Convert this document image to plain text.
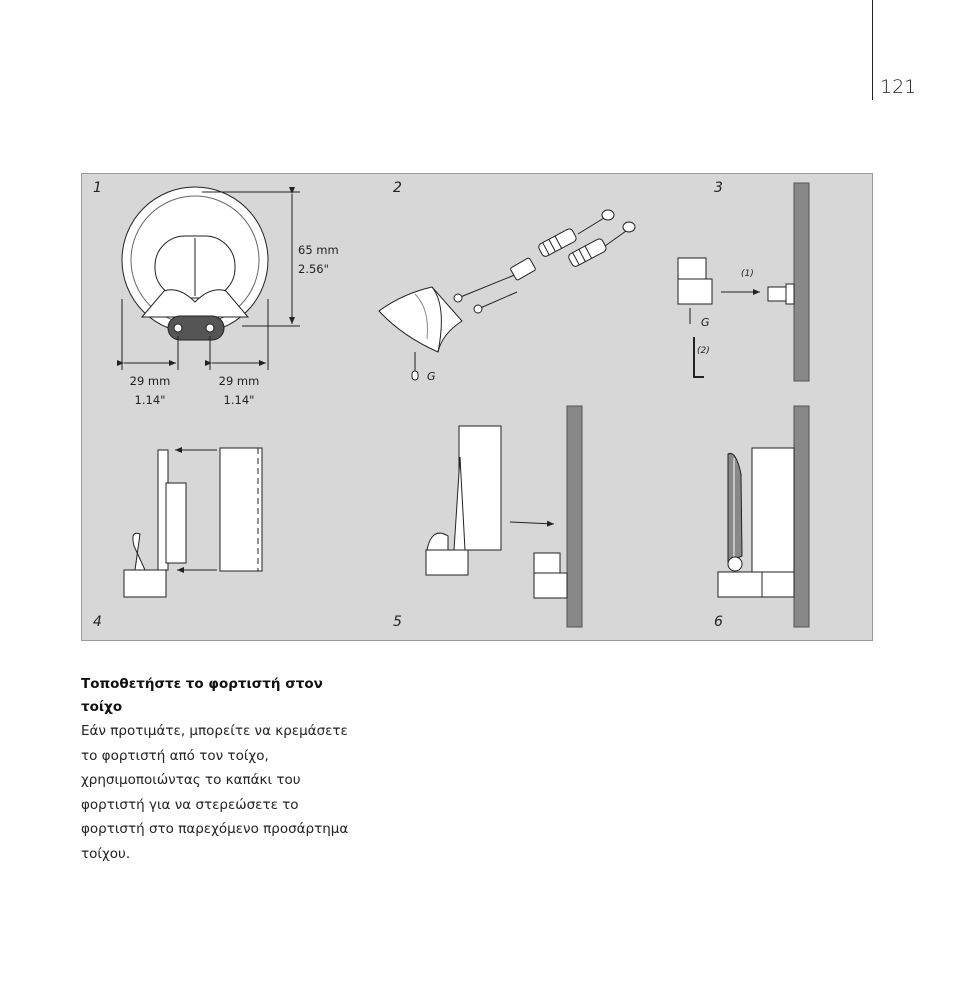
121
1	2	3
4	5	6
65 mm
2.56"
29 mm
1.14"
29 mm
1.14"
G
G
(1)
(2)
Τοποθετήστε το φορτιστή στον τοίχο
Εάν προτιμάτε, μπορείτε να κρεμάσετε το φορτιστή από τον τοίχο, χρησιμοποιώντας το καπάκι του φορτιστή για να στερεώσετε το φορτιστή στο παρεχόμενο προσάρτημα τοίχου.
